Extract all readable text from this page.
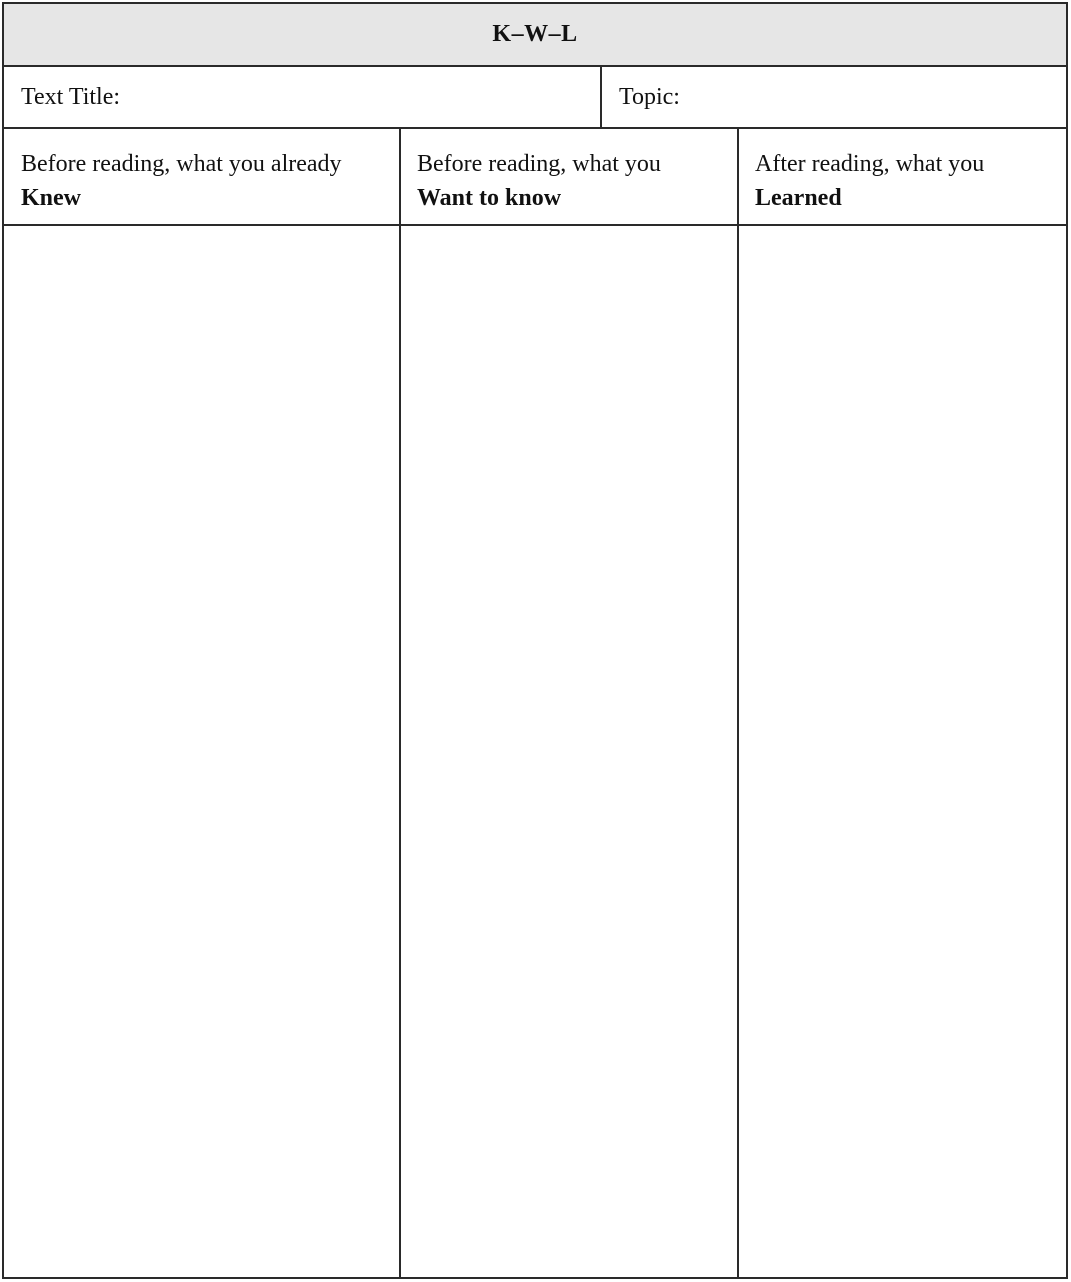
K–W–L
Text Title:	Topic:
Before reading, what you already
Knew
Before reading, what you
Want to know
After reading, what you
Learned
